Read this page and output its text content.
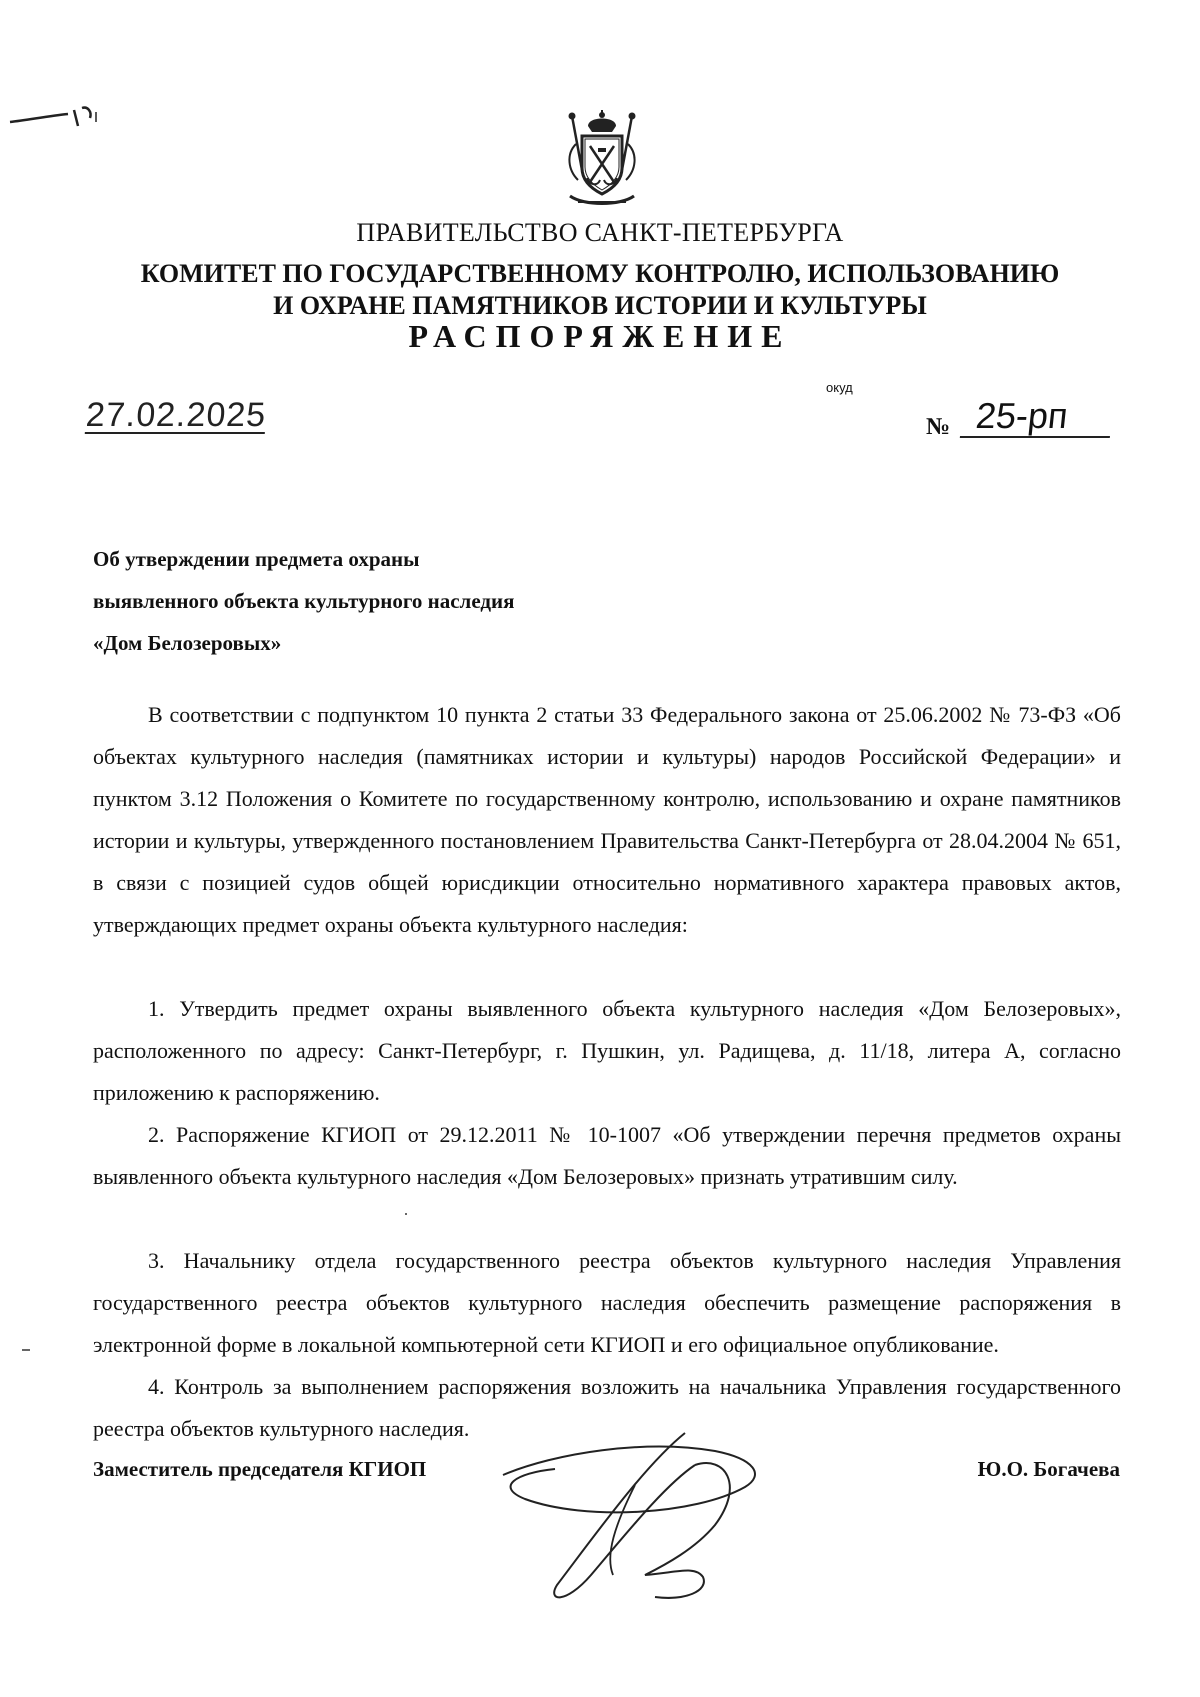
ПРАВИТЕЛЬСТВО САНКТ-ПЕТЕРБУРГА
КОМИТЕТ ПО ГОСУДАРСТВЕННОМУ КОНТРОЛЮ, ИСПОЛЬЗОВАНИЮ
И ОХРАНЕ ПАМЯТНИКОВ ИСТОРИИ И КУЛЬТУРЫ
РАСПОРЯЖЕНИЕ
окуд
27.02.2025	№ 25-рп
Об утверждении предмета охраны
выявленного объекта культурного наследия
«Дом Белозеровых»

В соответствии с подпунктом 10 пункта 2 статьи 33 Федерального закона от 25.06.2002 № 73-ФЗ «Об объектах культурного наследия (памятниках истории и культуры) народов Российской Федерации» и пунктом 3.12 Положения о Комитете по государственному контролю, использованию и охране памятников истории и культуры, утвержденного постановлением Правительства Санкт-Петербурга от 28.04.2004 № 651, в связи с позицией судов общей юрисдикции относительно нормативного характера правовых актов, утверждающих предмет охраны объекта культурного наследия:

1. Утвердить предмет охраны выявленного объекта культурного наследия «Дом Белозеровых», расположенного по адресу: Санкт-Петербург, г. Пушкин, ул. Радищева, д. 11/18, литера А, согласно приложению к распоряжению.

2. Распоряжение КГИОП от 29.12.2011 № 10-1007 «Об утверждении перечня предметов охраны выявленного объекта культурного наследия «Дом Белозеровых» признать утратившим силу.

3. Начальнику отдела государственного реестра объектов культурного наследия Управления государственного реестра объектов культурного наследия обеспечить размещение распоряжения в электронной форме в локальной компьютерной сети КГИОП и его официальное опубликование.

4. Контроль за выполнением распоряжения возложить на начальника Управления государственного реестра объектов культурного наследия.

Заместитель председателя КГИОП	Ю.О. Богачева
